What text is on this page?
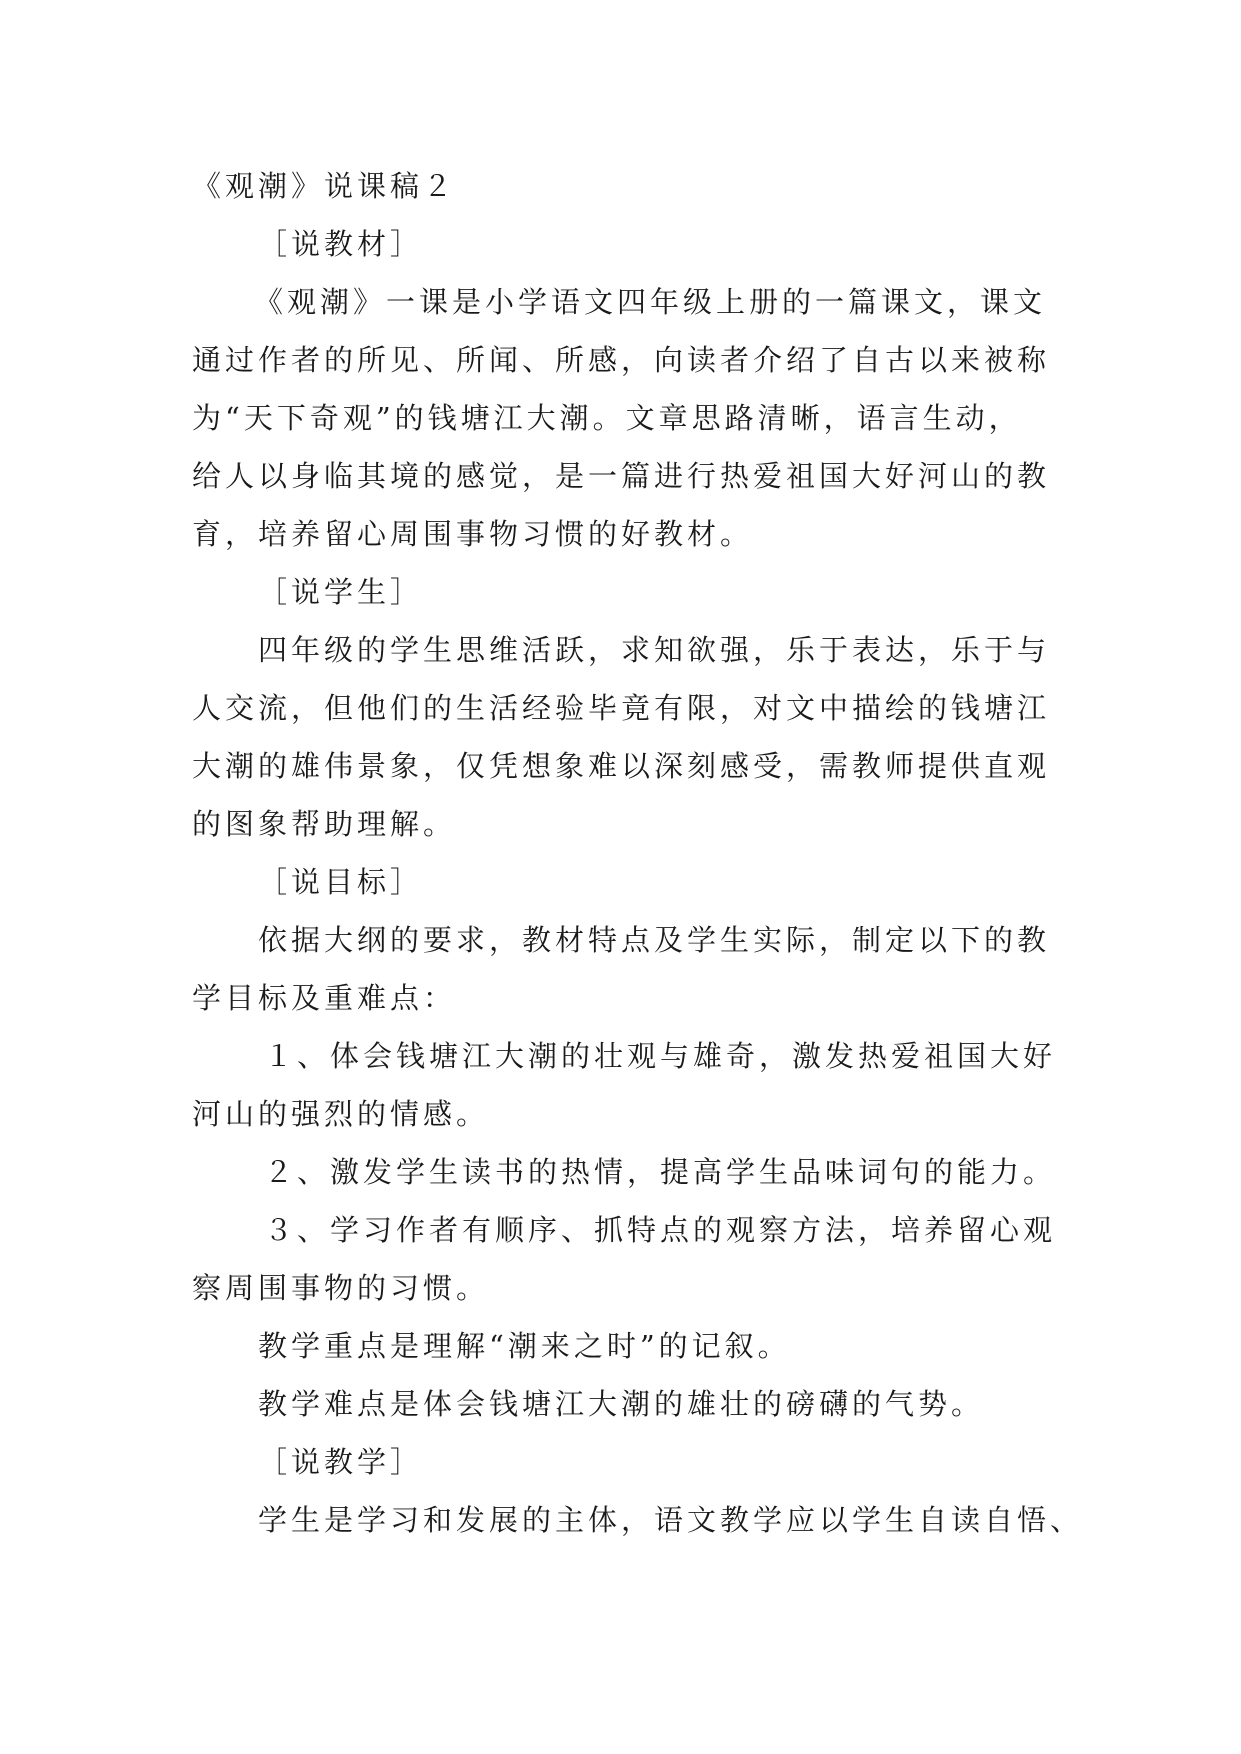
《观潮》说课稿２
［说教材］
《观潮》一课是小学语文四年级上册的一篇课文，课文
通过作者的所见、所闻、所感，向读者介绍了自古以来被称
为“天下奇观”的钱塘江大潮。文章思路清晰，语言生动，
给人以身临其境的感觉，是一篇进行热爱祖国大好河山的教
育，培养留心周围事物习惯的好教材。
［说学生］
四年级的学生思维活跃，求知欲强，乐于表达，乐于与
人交流，但他们的生活经验毕竟有限，对文中描绘的钱塘江
大潮的雄伟景象，仅凭想象难以深刻感受，需教师提供直观
的图象帮助理解。
［说目标］
依据大纲的要求，教材特点及学生实际，制定以下的教
学目标及重难点：
１、体会钱塘江大潮的壮观与雄奇，激发热爱祖国大好
河山的强烈的情感。
２、激发学生读书的热情，提高学生品味词句的能力。
３、学习作者有顺序、抓特点的观察方法，培养留心观
察周围事物的习惯。
教学重点是理解“潮来之时”的记叙。
教学难点是体会钱塘江大潮的雄壮的磅礴的气势。
［说教学］
学生是学习和发展的主体，语文教学应以学生自读自悟、
